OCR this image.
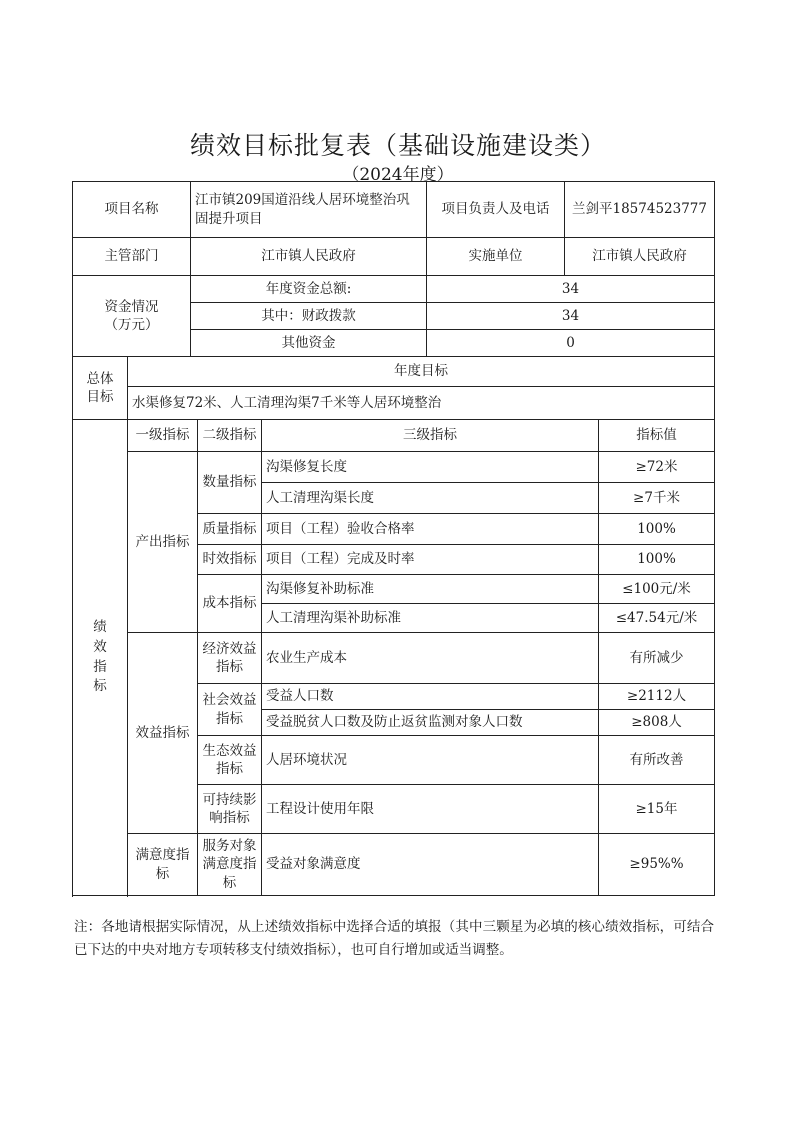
绩效目标批复表（基础设施建设类）
（2024年度）
项目名称	江市镇209国道沿线人居环境整治巩固提升项目	项目负责人及电话	兰剑平18574523777
主管部门	江市镇人民政府	实施单位	江市镇人民政府
资金情况（万元）	年度资金总额:	34	
	其中：财政拨款	34	
	其他资金	0	
总体目标	年度目标
水渠修复72米、人工清理沟渠7千米等人居环境整治
绩效指标	一级指标	二级指标	三级指标	指标值
	产出指标	数量指标	沟渠修复长度	≥72米
			人工清理沟渠长度	≥7千米
		质量指标	项目（工程）验收合格率	100%
		时效指标	项目（工程）完成及时率	100%
		成本指标	沟渠修复补助标准	≤100元/米
			人工清理沟渠补助标准	≤47.54元/米
	效益指标	经济效益指标	农业生产成本	有所减少
		社会效益指标	受益人口数	≥2112人
			受益脱贫人口数及防止返贫监测对象人口数	≥808人
		生态效益指标	人居环境状况	有所改善
		可持续影响指标	工程设计使用年限	≥15年

	满意度指标	服务对象满意度指标	受益对象满意度	≥95%%

注：各地请根据实际情况，从上述绩效指标中选择合适的填报（其中三颗星为必填的核心绩效指标，可结合已下达的中央对地方专项转移支付绩效指标），也可自行增加或适当调整。
